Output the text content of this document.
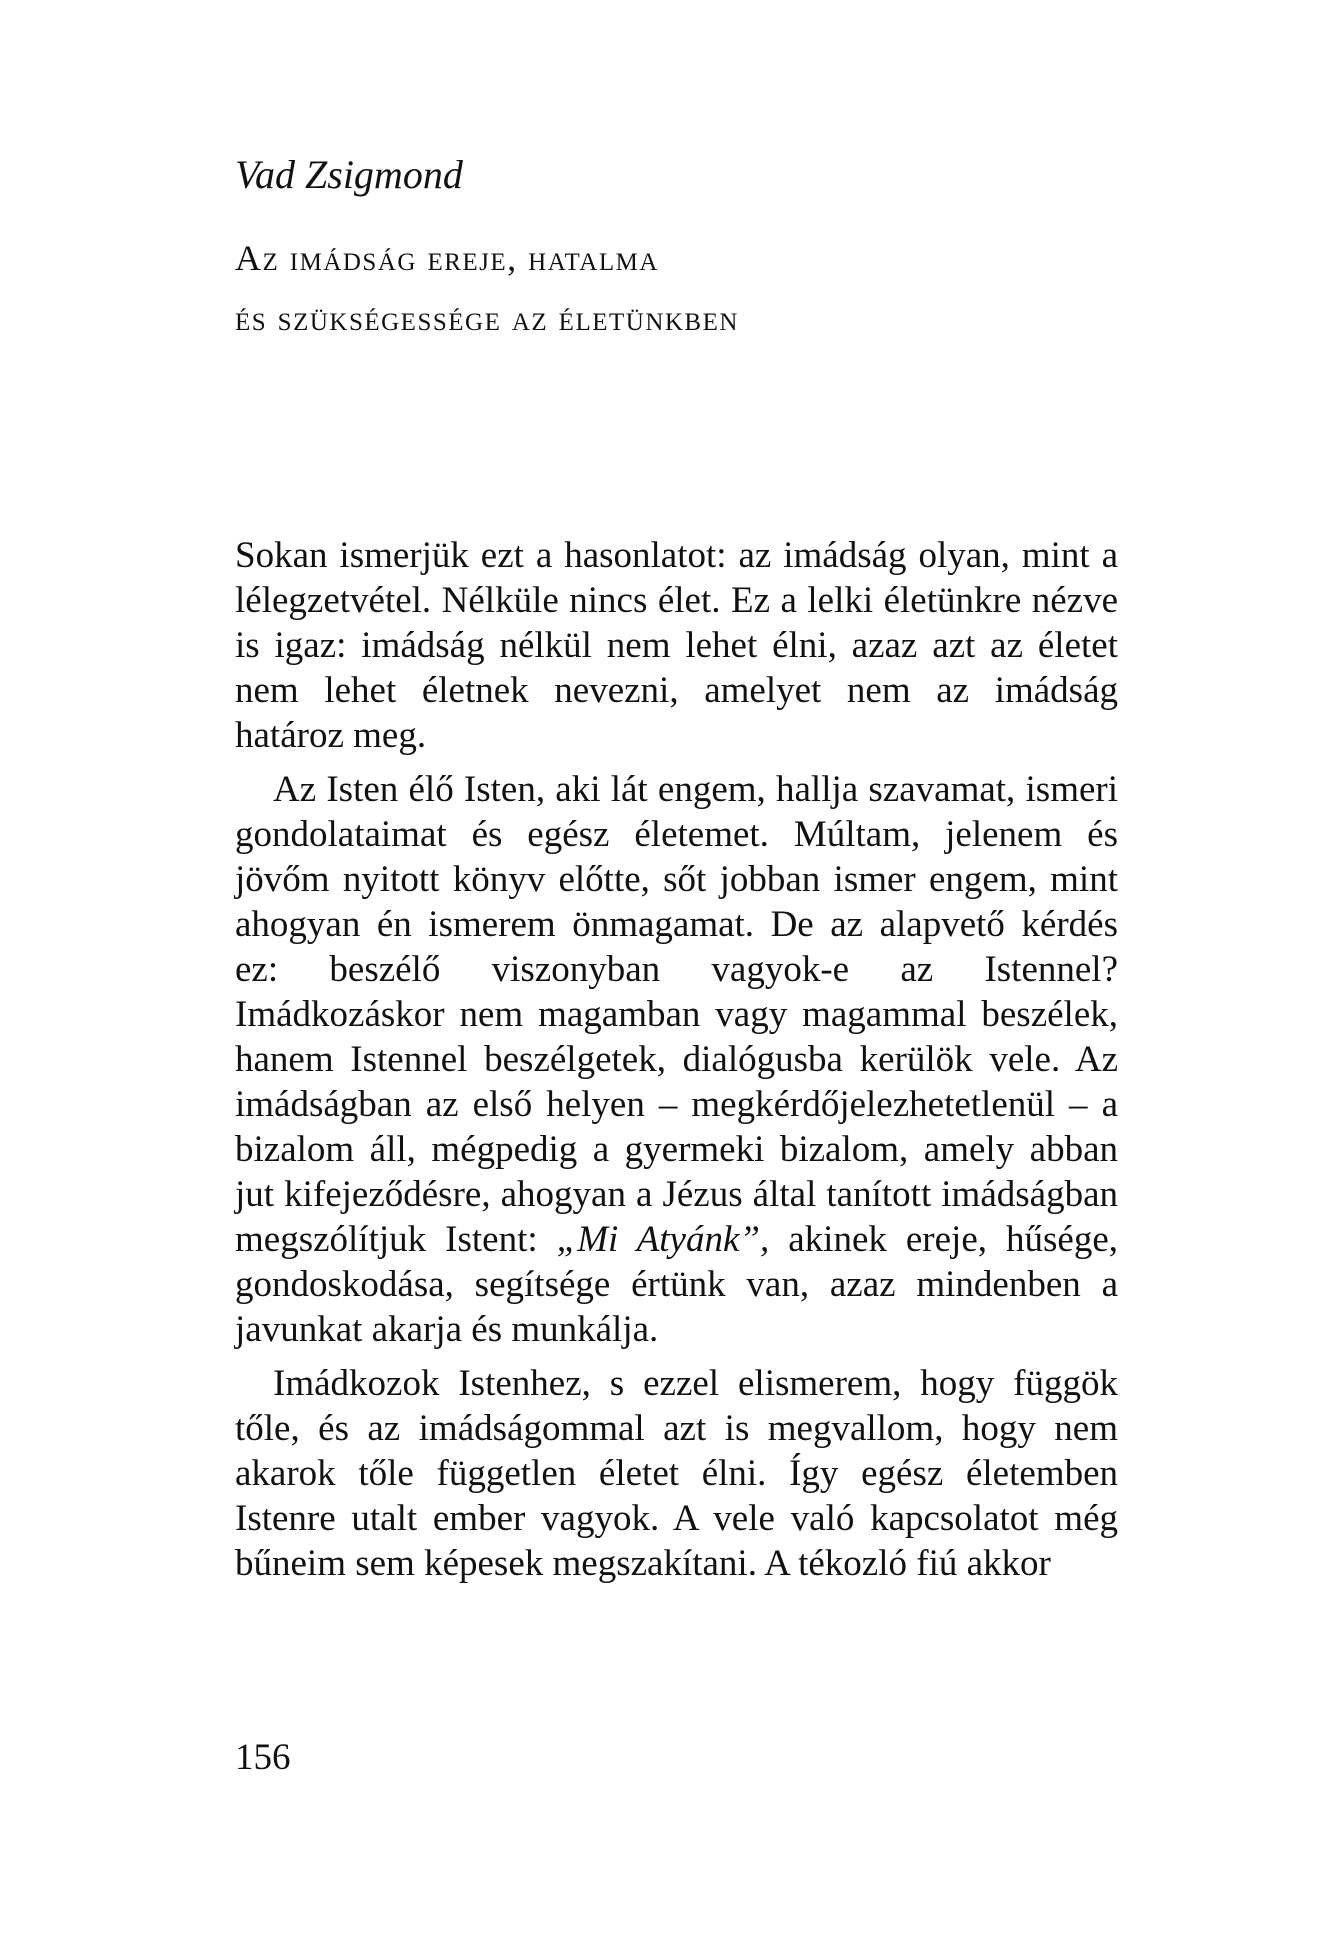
Vad Zsigmond
Az imádság ereje, hatalma
és szükségessége az életünkben

Sokan ismerjük ezt a hasonlatot: az imádság olyan, mint a lélegzetvétel. Nélküle nincs élet. Ez a lelki életünkre nézve is igaz: imádság nélkül nem lehet élni, azaz azt az életet nem lehet életnek nevezni, amelyet nem az imádság határoz meg.

Az Isten élő Isten, aki lát engem, hallja szavamat, ismeri gondolataimat és egész életemet. Múltam, jelenem és jövőm nyitott könyv előtte, sőt jobban ismer engem, mint ahogyan én ismerem önmagamat. De az alapvető kérdés ez: beszélő viszonyban vagyok-e az Istennel? Imádkozáskor nem magamban vagy magammal beszélek, hanem Istennel beszélgetek, dialógusba kerülök vele. Az imádságban az első helyen – megkérdőjelezhetetlenül – a bizalom áll, mégpedig a gyermeki bizalom, amely abban jut kifejeződésre, ahogyan a Jézus által tanított imádságban megszólítjuk Istent: „Mi Atyánk”, akinek ereje, hűsége, gondoskodása, segítsége értünk van, azaz mindenben a javunkat akarja és munkálja.

Imádkozok Istenhez, s ezzel elismerem, hogy függök tőle, és az imádságommal azt is megvallom, hogy nem akarok tőle független életet élni. Így egész életemben Istenre utalt ember vagyok. A vele való kapcsolatot még bűneim sem képesek megszakítani. A tékozló fiú akkor

156
